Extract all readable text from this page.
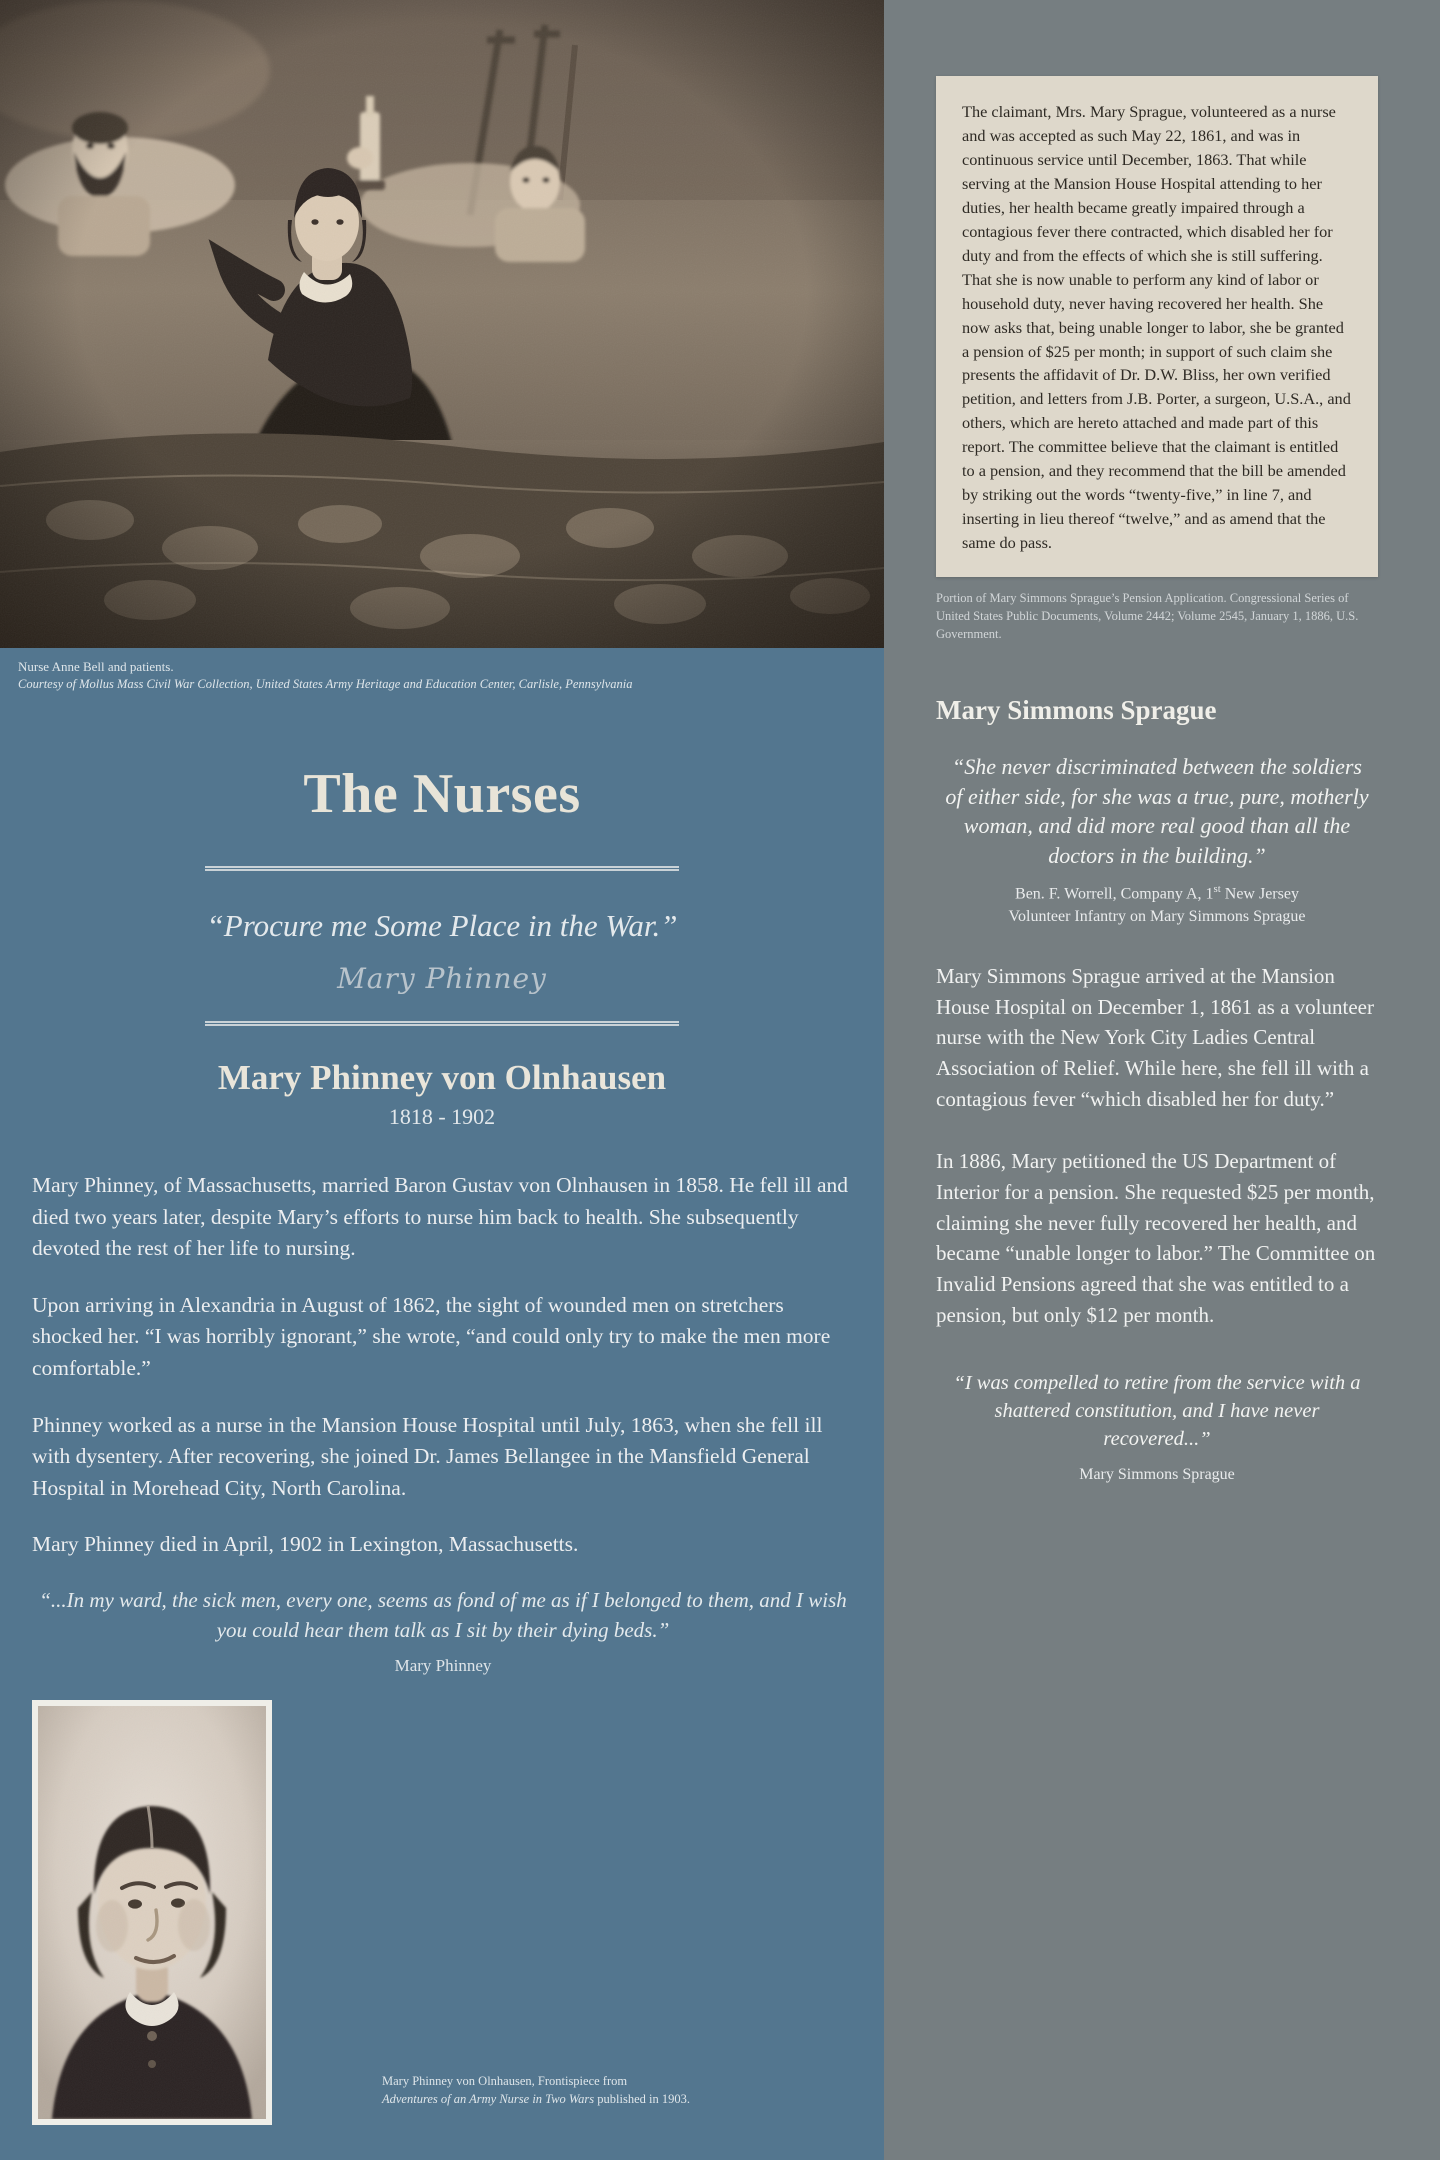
Nurse Anne Bell and patients.
Courtesy of Mollus Mass Civil War Collection, United States Army Heritage and Education Center, Carlisle, Pennsylvania
The Nurses
“Procure me Some Place in the War.”
Mary Phinney
Mary Phinney von Olnhausen
1818 - 1902

Mary Phinney, of Massachusetts, married Baron Gustav von Olnhausen in 1858. He fell ill and died two years later, despite Mary’s efforts to nurse him back to health. She subsequently devoted the rest of her life to nursing.

Upon arriving in Alexandria in August of 1862, the sight of wounded men on stretchers shocked her. “I was horribly ignorant,” she wrote, “and could only try to make the men more comfortable.”

Phinney worked as a nurse in the Mansion House Hospital until July, 1863, when she fell ill with dysentery. After recovering, she joined Dr. James Bellangee in the Mansfield General Hospital in Morehead City, North Carolina.

Mary Phinney died in April, 1902 in Lexington, Massachusetts.

“...In my ward, the sick men, every one, seems as fond of me as if I belonged to them, and I wish you could hear them talk as I sit by their dying beds.”
Mary Phinney
Mary Phinney von Olnhausen, Frontispiece from
Adventures of an Army Nurse in Two Wars published in 1903.
The claimant, Mrs. Mary Sprague, volunteered as a nurse and was accepted as such May 22, 1861, and was in continuous service until December, 1863. That while serving at the Mansion House Hospital attending to her duties, her health became greatly impaired through a contagious fever there contracted, which disabled her for duty and from the effects of which she is still suffering. That she is now unable to perform any kind of labor or household duty, never having recovered her health. She now asks that, being unable longer to labor, she be granted a pension of $25 per month; in support of such claim she presents the affidavit of Dr. D.W. Bliss, her own verified petition, and letters from J.B. Porter, a surgeon, U.S.A., and others, which are hereto attached and made part of this report. The committee believe that the claimant is entitled to a pension, and they recommend that the bill be amended by striking out the words “twenty-five,” in line 7, and inserting in lieu thereof “twelve,” and as amend that the same do pass.
Portion of Mary Simmons Sprague’s Pension Application. Congressional Series of United States Public Documents, Volume 2442; Volume 2545, January 1, 1886, U.S. Government.
Mary Simmons Sprague
“She never discriminated between the soldiers of either side, for she was a true, pure, motherly woman, and did more real good than all the doctors in the building.”
Ben. F. Worrell, Company A, 1st New Jersey
Volunteer Infantry on Mary Simmons Sprague

Mary Simmons Sprague arrived at the Mansion House Hospital on December 1, 1861 as a volunteer nurse with the New York City Ladies Central Association of Relief. While here, she fell ill with a contagious fever “which disabled her for duty.”

In 1886, Mary petitioned the US Department of Interior for a pension. She requested $25 per month, claiming she never fully recovered her health, and became “unable longer to labor.” The Committee on Invalid Pensions agreed that she was entitled to a pension, but only $12 per month.

“I was compelled to retire from the service with a shattered constitution, and I have never recovered...”
Mary Simmons Sprague
